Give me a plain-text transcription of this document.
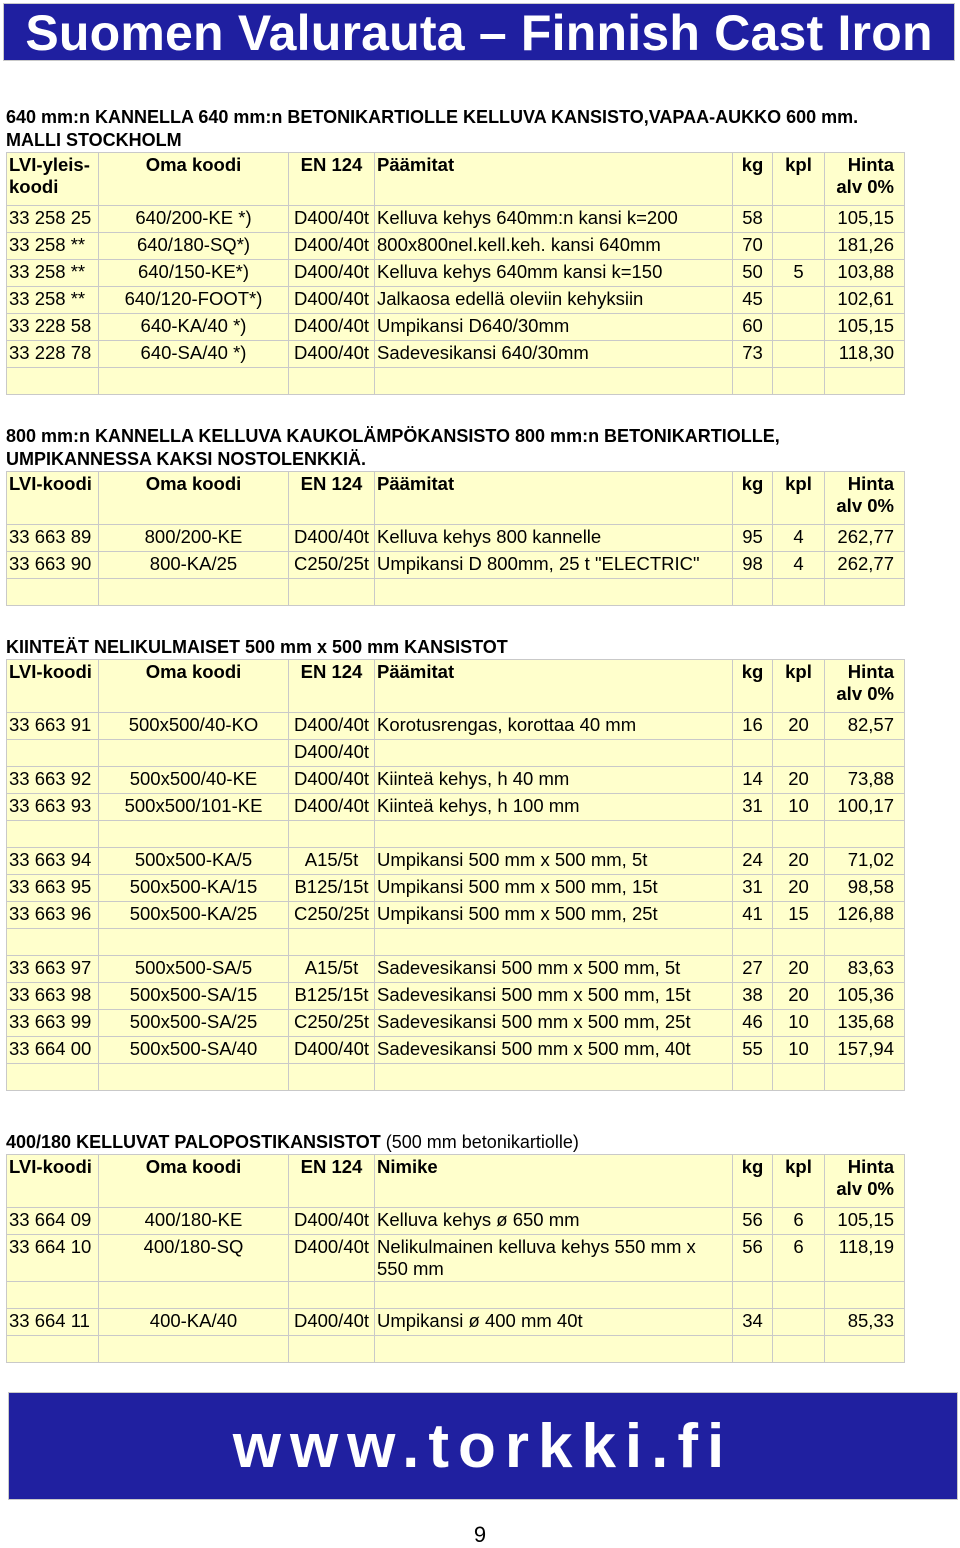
Suomen Valurauta – Finnish Cast Iron
640 mm:n KANNELLA 640 mm:n BETONIKARTIOLLE KELLUVA KANSISTO,VAPAA-AUKKO 600 mm. MALLI STOCKHOLM
LVI-yleis-koodi	Oma koodi	EN 124	Päämitat	kg	kpl	Hinta alv 0%
33 258 25	640/200-KE *)	D400/40t	Kelluva kehys 640mm:n kansi k=200	58		105,15
33 258 **	640/180-SQ*)	D400/40t	800x800nel.kell.keh. kansi 640mm	70		181,26
33 258 **	640/150-KE*)	D400/40t	Kelluva kehys 640mm kansi k=150	50	5	103,88
33 258 **	640/120-FOOT*)	D400/40t	Jalkaosa edellä oleviin kehyksiin	45		102,61
33 228 58	640-KA/40 *)	D400/40t	Umpikansi D640/30mm	60		105,15
33 228 78	640-SA/40 *)	D400/40t	Sadevesikansi 640/30mm	73		118,30

800 mm:n KANNELLA KELLUVA KAUKOLÄMPÖKANSISTO 800 mm:n BETONIKARTIOLLE, UMPIKANNESSA KAKSI NOSTOLENKKIÄ.
LVI-koodi	Oma koodi	EN 124	Päämitat	kg	kpl	Hinta alv 0%
33 663 89	800/200-KE	D400/40t	Kelluva kehys 800 kannelle	95	4	262,77
33 663 90	800-KA/25	C250/25t	Umpikansi D 800mm, 25 t "ELECTRIC"	98	4	262,77

KIINTEÄT NELIKULMAISET 500 mm x 500 mm KANSISTOT
LVI-koodi	Oma koodi	EN 124	Päämitat	kg	kpl	Hinta alv 0%
33 663 91	500x500/40-KO	D400/40t	Korotusrengas, korottaa 40 mm	16	20	82,57
		D400/40t				
33 663 92	500x500/40-KE	D400/40t	Kiinteä kehys, h 40 mm	14	20	73,88
33 663 93	500x500/101-KE	D400/40t	Kiinteä kehys, h 100 mm	31	10	100,17

33 663 94	500x500-KA/5	A15/5t	Umpikansi 500 mm x 500 mm, 5t	24	20	71,02
33 663 95	500x500-KA/15	B125/15t	Umpikansi 500 mm x 500 mm, 15t	31	20	98,58
33 663 96	500x500-KA/25	C250/25t	Umpikansi 500 mm x 500 mm, 25t	41	15	126,88

33 663 97	500x500-SA/5	A15/5t	Sadevesikansi 500 mm x 500 mm, 5t	27	20	83,63
33 663 98	500x500-SA/15	B125/15t	Sadevesikansi 500 mm x 500 mm, 15t	38	20	105,36
33 663 99	500x500-SA/25	C250/25t	Sadevesikansi 500 mm x 500 mm, 25t	46	10	135,68
33 664 00	500x500-SA/40	D400/40t	Sadevesikansi 500 mm x 500 mm, 40t	55	10	157,94

400/180 KELLUVAT PALOPOSTIKANSISTOT (500 mm betonikartiolle)
LVI-koodi	Oma koodi	EN 124	Nimike	kg	kpl	Hinta alv 0%
33 664 09	400/180-KE	D400/40t	Kelluva kehys ø 650 mm	56	6	105,15
33 664 10	400/180-SQ	D400/40t	Nelikulmainen kelluva kehys 550 mm x 550 mm	56	6	118,19

33 664 11	400-KA/40	D400/40t	Umpikansi ø 400 mm 40t	34		85,33

www.torkki.fi
9
